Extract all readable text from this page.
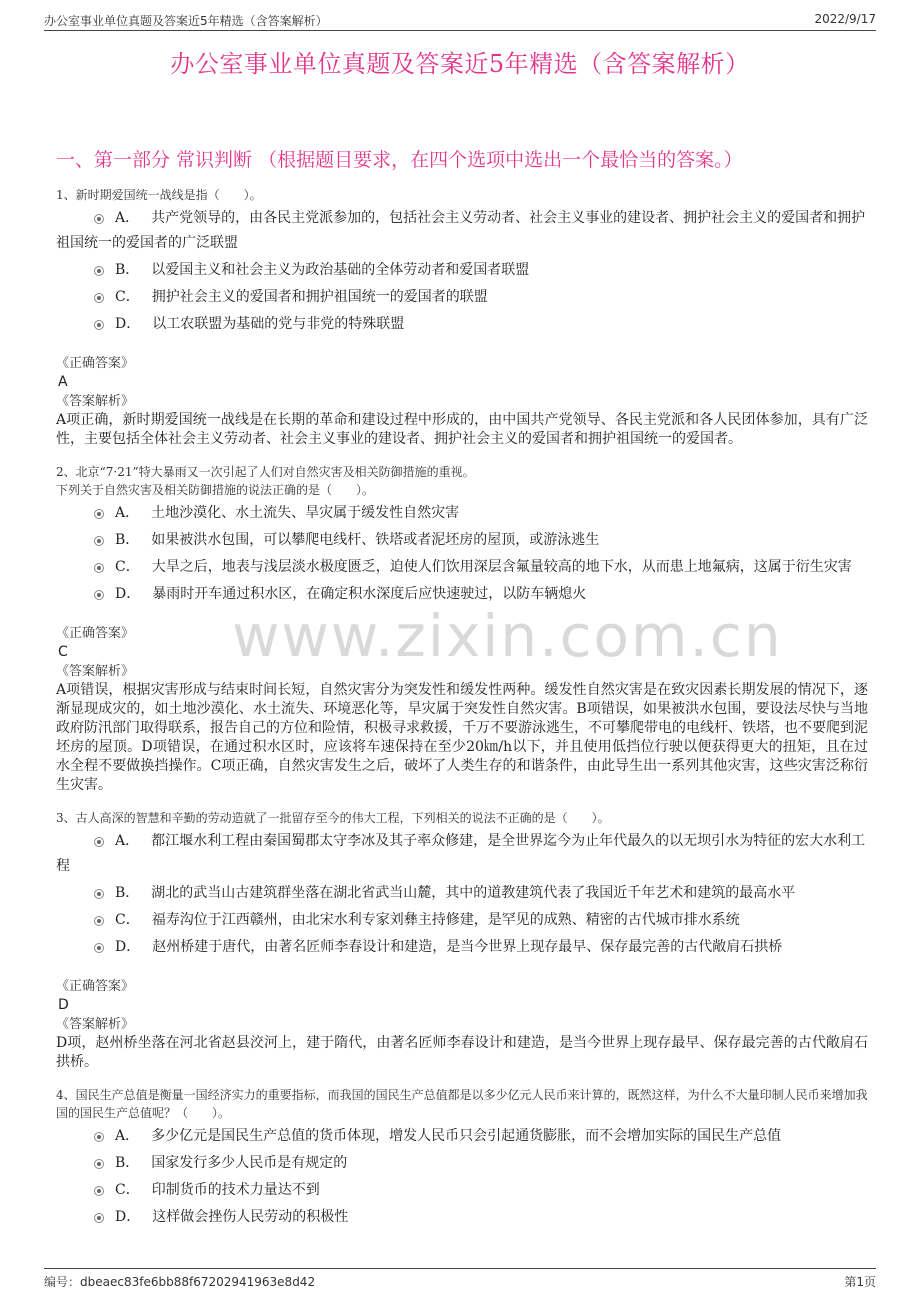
办公室事业单位真题及答案近5年精选（含答案解析）	2022/9/17
办公室事业单位真题及答案近5年精选（含答案解析）
一、第一部分 常识判断 （根据题目要求，在四个选项中选出一个最恰当的答案。）
www.zixin.com.cn
1、新时期爱国统一战线是指（　　）。
A． 共产党领导的，由各民主党派参加的，包括社会主义劳动者、社会主义事业的建设者、拥护社会主义的爱国者和拥护祖国统一的爱国者的广泛联盟
B． 以爱国主义和社会主义为政治基础的全体劳动者和爱国者联盟
C． 拥护社会主义的爱国者和拥护祖国统一的爱国者的联盟
D． 以工农联盟为基础的党与非党的特殊联盟
《正确答案》
A
《答案解析》
A项正确，新时期爱国统一战线是在长期的革命和建设过程中形成的，由中国共产党领导、各民主党派和各人民团体参加，具有广泛性，主要包括全体社会主义劳动者、社会主义事业的建设者、拥护社会主义的爱国者和拥护祖国统一的爱国者。
2、北京“7·21”特大暴雨又一次引起了人们对自然灾害及相关防御措施的重视。
下列关于自然灾害及相关防御措施的说法正确的是（　　）。
A． 土地沙漠化、水土流失、旱灾属于缓发性自然灾害
B． 如果被洪水包围，可以攀爬电线杆、铁塔或者泥坯房的屋顶，或游泳逃生
C． 大旱之后，地表与浅层淡水极度匮乏，迫使人们饮用深层含氟量较高的地下水，从而患上地氟病，这属于衍生灾害
D． 暴雨时开车通过积水区，在确定积水深度后应快速驶过，以防车辆熄火
《正确答案》
C
《答案解析》
A项错误，根据灾害形成与结束时间长短，自然灾害分为突发性和缓发性两种。缓发性自然灾害是在致灾因素长期发展的情况下，逐渐显现成灾的，如土地沙漠化、水土流失、环境恶化等，旱灾属于突发性自然灾害。B项错误，如果被洪水包围，要设法尽快与当地政府防汛部门取得联系，报告自己的方位和险情，积极寻求救援，千万不要游泳逃生，不可攀爬带电的电线杆、铁塔，也不要爬到泥坯房的屋顶。D项错误，在通过积水区时，应该将车速保持在至少20㎞/h以下，并且使用低挡位行驶以便获得更大的扭矩，且在过水全程不要做换挡操作。C项正确，自然灾害发生之后，破坏了人类生存的和谐条件，由此导生出一系列其他灾害，这些灾害泛称衍生灾害。
3、古人高深的智慧和辛勤的劳动造就了一批留存至今的伟大工程，下列相关的说法不正确的是（　　）。
A． 都江堰水利工程由秦国蜀郡太守李冰及其子率众修建，是全世界迄今为止年代最久的以无坝引水为特征的宏大水利工程
B． 湖北的武当山古建筑群坐落在湖北省武当山麓，其中的道教建筑代表了我国近千年艺术和建筑的最高水平
C． 福寿沟位于江西赣州，由北宋水利专家刘彝主持修建，是罕见的成熟、精密的古代城市排水系统
D． 赵州桥建于唐代，由著名匠师李春设计和建造，是当今世界上现存最早、保存最完善的古代敞肩石拱桥
《正确答案》
D
《答案解析》
D项，赵州桥坐落在河北省赵县洨河上，建于隋代，由著名匠师李春设计和建造，是当今世界上现存最早、保存最完善的古代敞肩石拱桥。
4、国民生产总值是衡量一国经济实力的重要指标，而我国的国民生产总值都是以多少亿元人民币来计算的，既然这样，为什么不大量印制人民币来增加我国的国民生产总值呢？（　　）。
A． 多少亿元是国民生产总值的货币体现，增发人民币只会引起通货膨胀，而不会增加实际的国民生产总值
B． 国家发行多少人民币是有规定的
C． 印制货币的技术力量达不到
D． 这样做会挫伤人民劳动的积极性
编号：dbeaec83fe6bb88f67202941963e8d42	第1页
